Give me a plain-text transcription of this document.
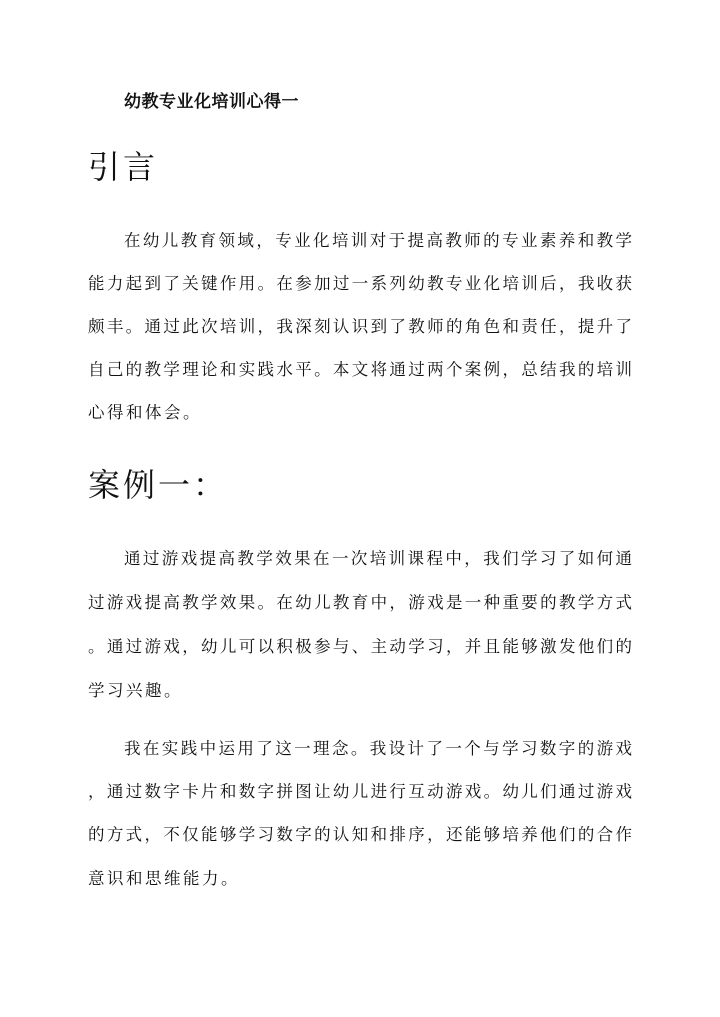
幼教专业化培训心得一
引言
在幼儿教育领域，专业化培训对于提高教师的专业素养和教学
能力起到了关键作用。在参加过一系列幼教专业化培训后，我收获
颇丰。通过此次培训，我深刻认识到了教师的角色和责任，提升了
自己的教学理论和实践水平。本文将通过两个案例，总结我的培训
心得和体会。
案例一：
通过游戏提高教学效果在一次培训课程中，我们学习了如何通
过游戏提高教学效果。在幼儿教育中，游戏是一种重要的教学方式
。通过游戏，幼儿可以积极参与、主动学习，并且能够激发他们的
学习兴趣。
我在实践中运用了这一理念。我设计了一个与学习数字的游戏
，通过数字卡片和数字拼图让幼儿进行互动游戏。幼儿们通过游戏
的方式，不仅能够学习数字的认知和排序，还能够培养他们的合作
意识和思维能力。
